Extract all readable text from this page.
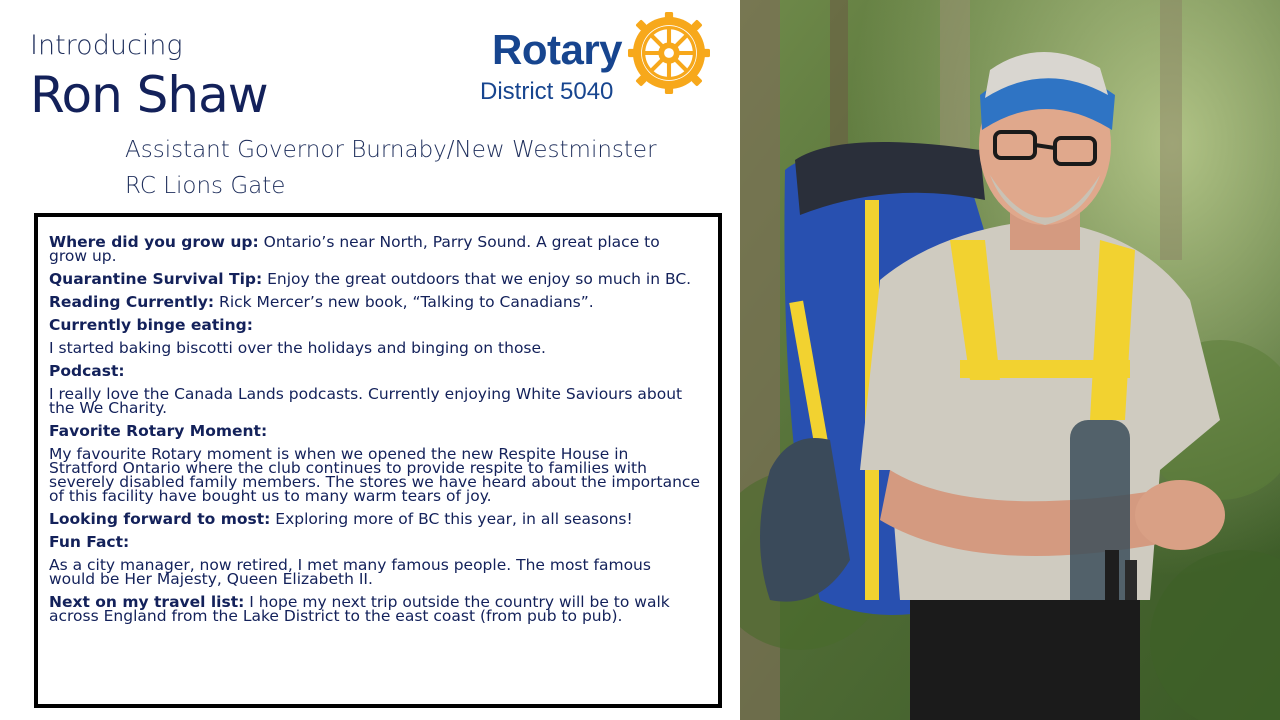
Introducing
Ron Shaw
Assistant Governor Burnaby/New Westminster
RC Lions Gate
Rotary
District 5040
Where did you grow up: Ontario’s near North, Parry Sound. A great place to grow up.
Quarantine Survival Tip: Enjoy the great outdoors that we enjoy so much in BC.
Reading Currently: Rick Mercer’s new book, “Talking to Canadians”.
Currently binge eating:
I started baking biscotti over the holidays and binging on those.
Podcast:
I really love the Canada Lands podcasts. Currently enjoying White Saviours about the We Charity.
Favorite Rotary Moment:
My favourite Rotary moment is when we opened the new Respite House in Stratford Ontario where the club continues to provide respite to families with severely disabled family members. The stores we have heard about the importance of this facility have bought us to many warm tears of joy.
Looking forward to most: Exploring more of BC this year, in all seasons!
Fun Fact:
As a city manager, now retired, I met many famous people. The most famous would be Her Majesty, Queen Elizabeth II.
Next on my travel list: I hope my next trip outside the country will be to walk across England from the Lake District to the east coast (from pub to pub).
